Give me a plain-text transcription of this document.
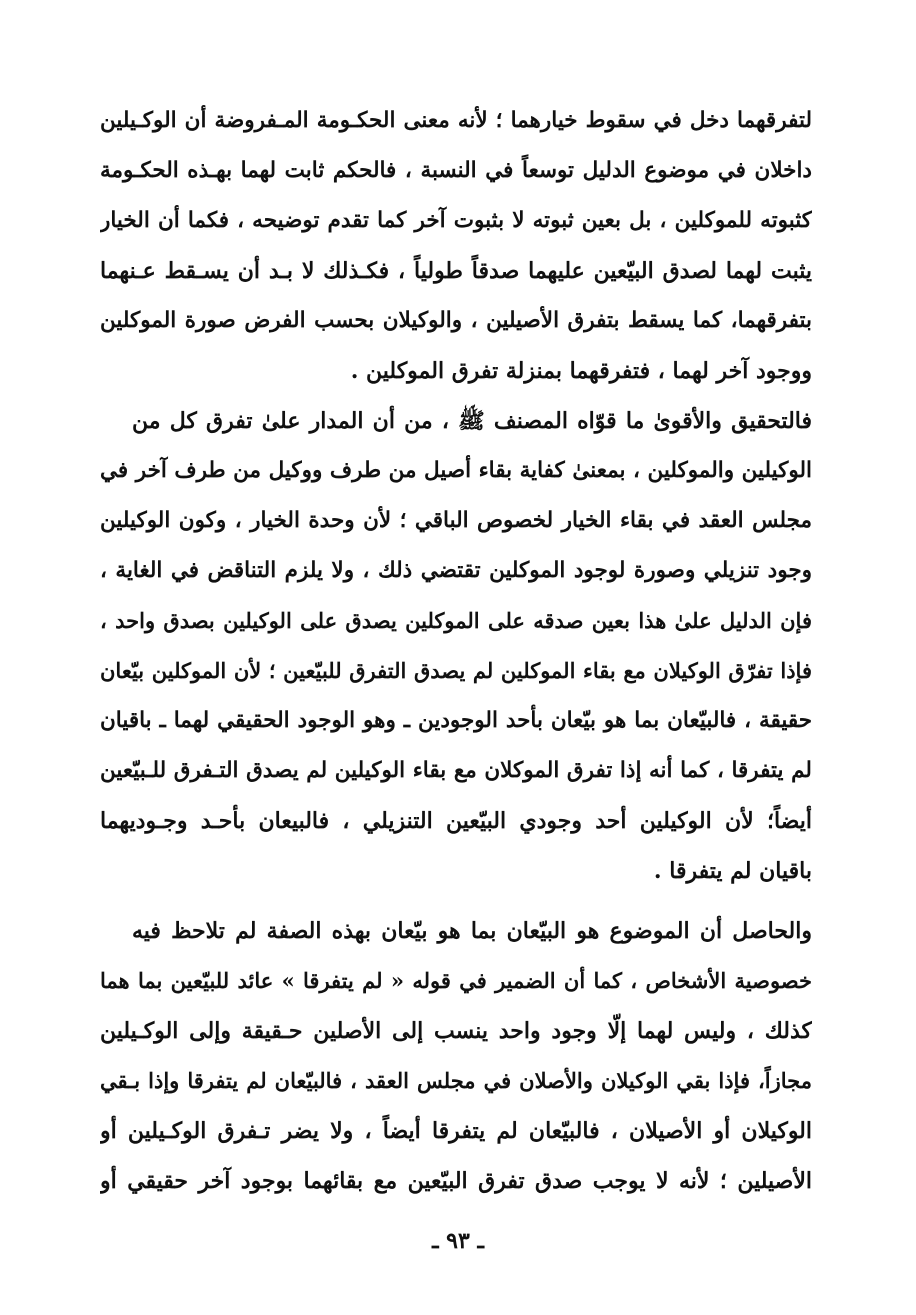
لتفرقهما دخل في سقوط خيارهما ؛ لأنه معنى الحكـومة المـفروضة أن الوكـيلين
داخلان في موضوع الدليل توسعاً في النسبة ، فالحكم ثابت لهما بهـذه الحكـومة
كثبوته للموكلين ، بل بعين ثبوته لا بثبوت آخر كما تقدم توضيحه ، فكما أن الخيار
يثبت لهما لصدق البيّعين عليهما صدقاً طولياً ، فكـذلك لا بـد أن يسـقط عـنهما
بتفرقهما، كما يسقط بتفرق الأصيلين ، والوكيلان بحسب الفرض صورة الموكلين
ووجود آخر لهما ، فتفرقهما بمنزلة تفرق الموكلين .
فالتحقيق والأقوىٰ ما قوّاه المصنف ﷺ ، من أن المدار علىٰ تفرق كل من
الوكيلين والموكلين ، بمعنىٰ كفاية بقاء أصيل من طرف ووكيل من طرف آخر في
مجلس العقد في بقاء الخيار لخصوص الباقي ؛ لأن وحدة الخيار ، وكون الوكيلين
وجود تنزيلي وصورة لوجود الموكلين تقتضي ذلك ، ولا يلزم التناقض في الغاية ،
فإن الدليل علىٰ هذا بعين صدقه على الموكلين يصدق على الوكيلين بصدق واحد ،
فإذا تفرّق الوكيلان مع بقاء الموكلين لم يصدق التفرق للبيّعين ؛ لأن الموكلين بيّعان
حقيقة ، فالبيّعان بما هو بيّعان بأحد الوجودين ـ وهو الوجود الحقيقي لهما ـ باقيان
لم يتفرقا ، كما أنه إذا تفرق الموكلان مع بقاء الوكيلين لم يصدق التـفرق للـبيّعين
أيضاً؛ لأن الوكيلين أحد وجودي البيّعين التنزيلي ، فالبيعان بأحـد وجـوديهما
باقيان لم يتفرقا .
والحاصل أن الموضوع هو البيّعان بما هو بيّعان بهذه الصفة لم تلاحظ فيه
خصوصية الأشخاص ، كما أن الضمير في قوله « لم يتفرقا » عائد للبيّعين بما هما
كذلك ، وليس لهما إلّا وجود واحد ينسب إلى الأصلين حـقيقة وإلى الوكـيلين
مجازاً، فإذا بقي الوكيلان والأصلان في مجلس العقد ، فالبيّعان لم يتفرقا وإذا بـقي
الوكيلان أو الأصيلان ، فالبيّعان لم يتفرقا أيضاً ، ولا يضر تـفرق الوكـيلين أو
الأصيلين ؛ لأنه لا يوجب صدق تفرق البيّعين مع بقائهما بوجود آخر حقيقي أو
ـ ٩٣ ـ
